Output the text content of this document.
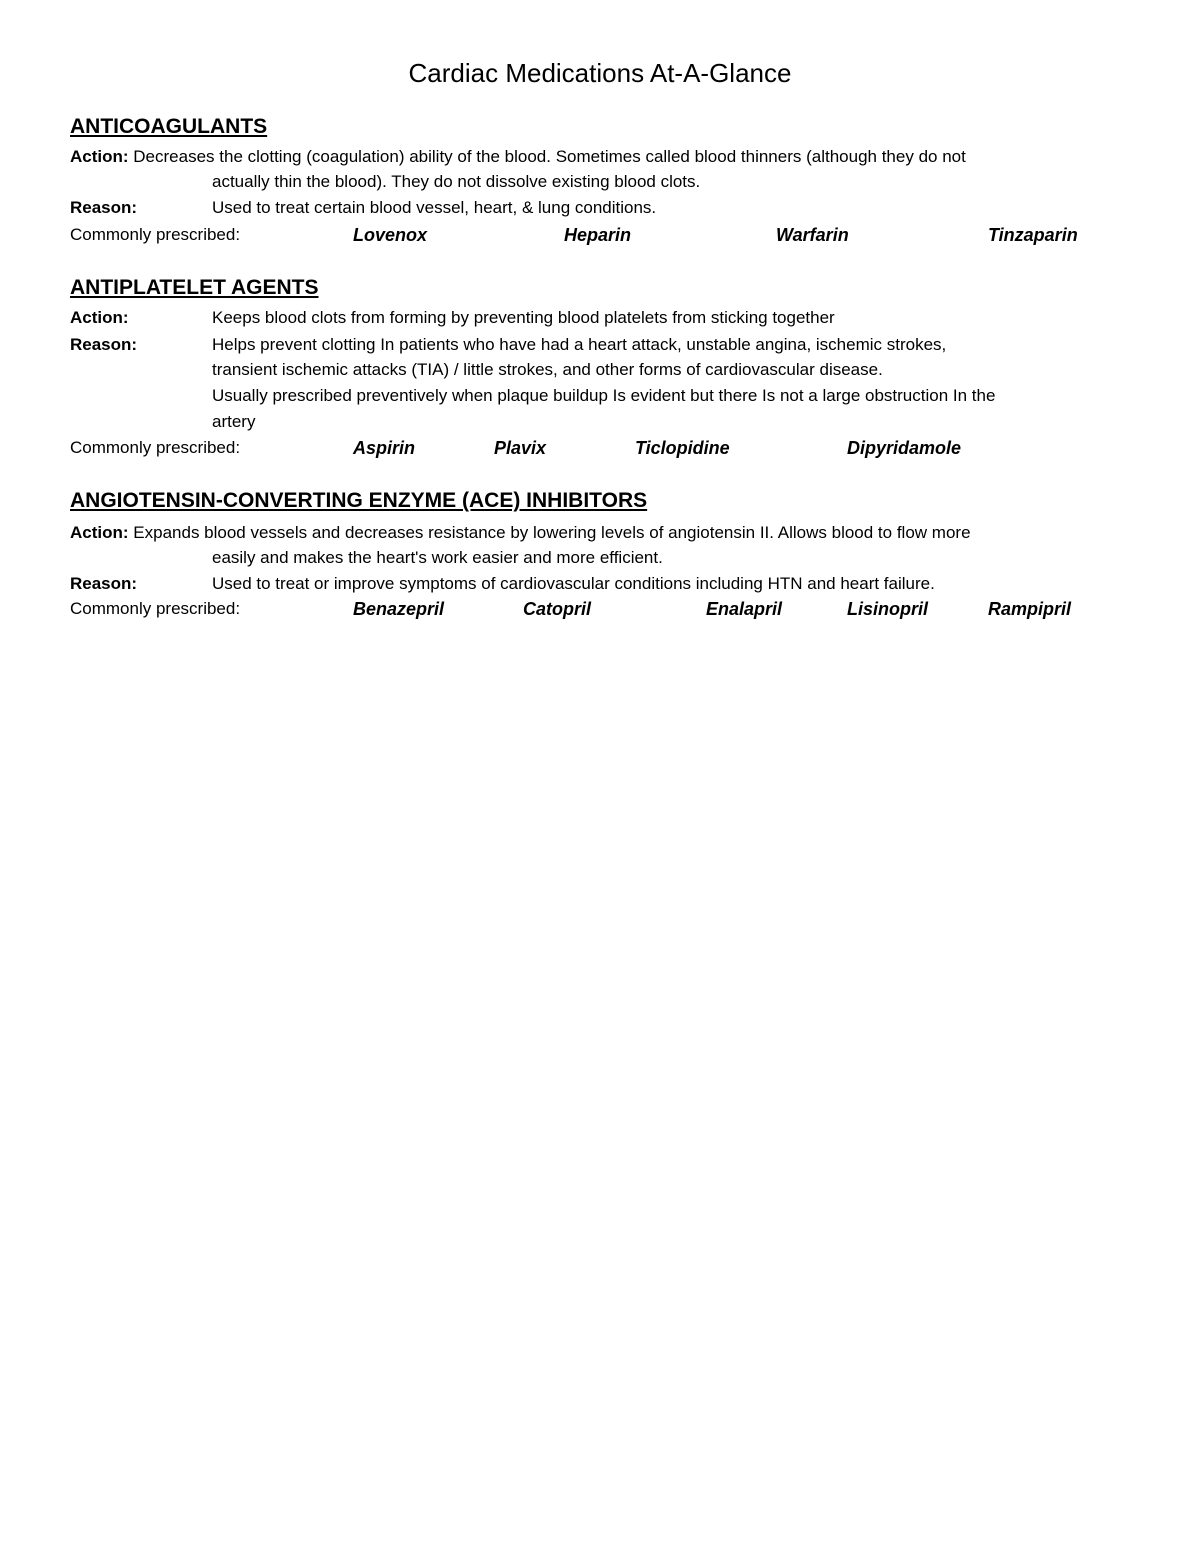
Cardiac Medications At-A-Glance
ANTICOAGULANTS
Action: Decreases the clotting (coagulation) ability of the blood. Sometimes called blood thinners (although they do not
actually thin the blood). They do not dissolve existing blood clots.
Reason:	Used to treat certain blood vessel, heart, & lung conditions.
Commonly prescribed:	Lovenox	Heparin	Warfarin	Tinzaparin
ANTIPLATELET AGENTS
Action:	Keeps blood clots from forming by preventing blood platelets from sticking together
Reason:	Helps prevent clotting In patients who have had a heart attack, unstable angina, ischemic strokes,
transient ischemic attacks (TIA) / little strokes, and other forms of cardiovascular disease.
Usually prescribed preventively when plaque buildup Is evident but there Is not a large obstruction In the
artery
Commonly prescribed:	Aspirin	Plavix	Ticlopidine	Dipyridamole
ANGIOTENSIN-CONVERTING ENZYME (ACE) INHIBITORS
Action: Expands blood vessels and decreases resistance by lowering levels of angiotensin II. Allows blood to flow more
easily and makes the heart's work easier and more efficient.
Reason:	Used to treat or improve symptoms of cardiovascular conditions including HTN and heart failure.
Commonly prescribed:	Benazepril	Catopril	Enalapril	Lisinopril	Rampipril
